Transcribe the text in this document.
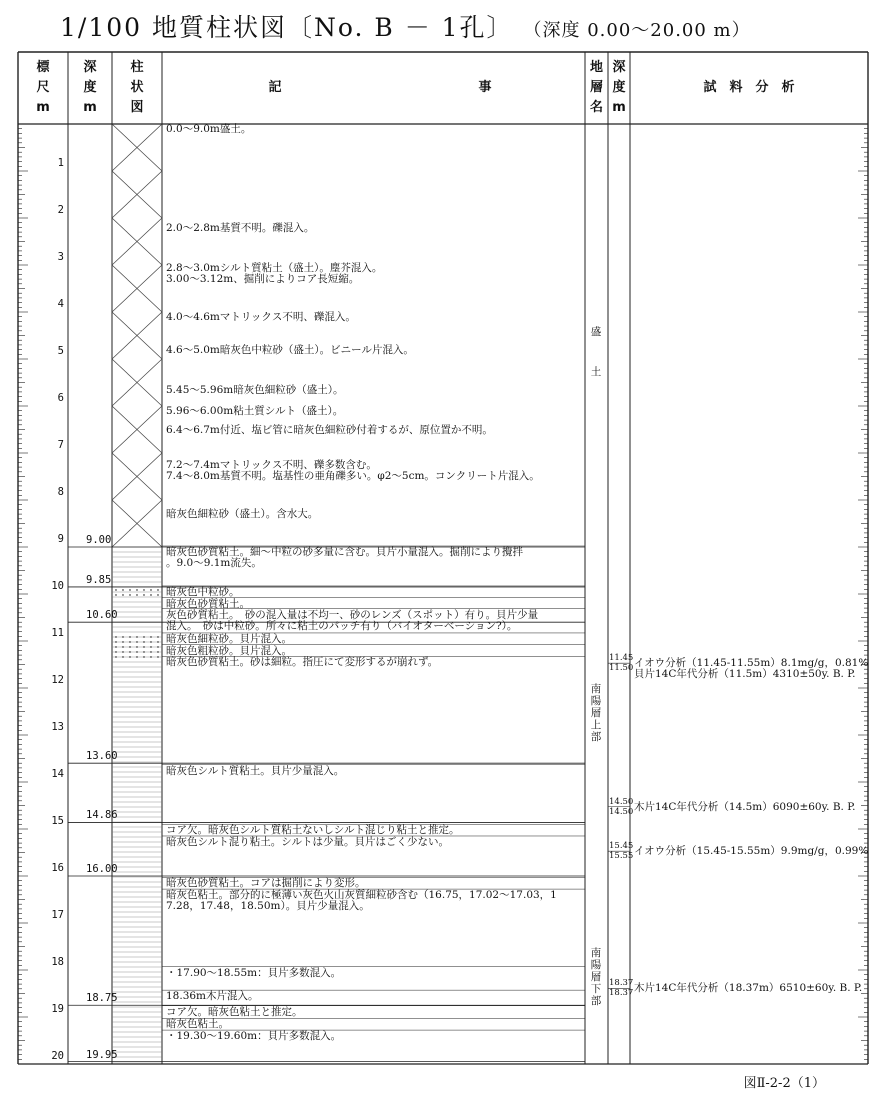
1/100 地質柱状図〔No. B － 1孔〕 （深度 0.00～20.00 m）
標
尺
m
深
度
m
柱
状
図
記	事
地
層
名
深
度
m
試　料　分　析
1
2
3
4
5
6
7
8
9
10
11
12
13
14
15
16
17
18
19
20
9.00
9.85
10.60
13.60
14.86
16.00
18.75
19.95
0.0～9.0m盛土。
2.0～2.8m基質不明。礫混入。
2.8～3.0mシルト質粘土（盛土）。塵芥混入。
3.00～3.12m、掘削によりコア長短縮。
4.0～4.6mマトリックス不明、礫混入。
4.6～5.0m暗灰色中粒砂（盛土）。ビニール片混入。
5.45～5.96m暗灰色細粒砂（盛土）。
5.96～6.00m粘土質シルト（盛土）。
6.4～6.7m付近、塩ビ管に暗灰色細粒砂付着するが、原位置か不明。
7.2～7.4mマトリックス不明、礫多数含む。
7.4～8.0m基質不明。塩基性の亜角礫多い。φ2～5cm。コンクリート片混入。
暗灰色細粒砂（盛土）。含水大。
暗灰色砂質粘土。細～中粒の砂多量に含む。貝片小量混入。掘削により攪拌
。9.0～9.1m流失。
暗灰色中粒砂。
暗灰色砂質粘土。
灰色砂質粘土。　砂の混入量は不均一、砂のレンズ（スポット）有り。貝片少量
混入。　砂は中粒砂。所々に粘土のパッチ有り（バイオターベーション?）。
暗灰色細粒砂。貝片混入。
暗灰色粗粒砂。貝片混入。
暗灰色砂質粘土。砂は細粒。指圧にて変形するが崩れず。
暗灰色シルト質粘土。貝片少量混入。
コア欠。暗灰色シルト質粘土ないしシルト混じり粘土と推定。
暗灰色シルト混り粘土。シルトは少量。貝片はごく少ない。
暗灰色砂質粘土。コアは掘削により変形。
暗灰色粘土。部分的に極薄い灰色火山灰質細粒砂含む（16.75，17.02～17.03，1
7.28，17.48，18.50m）。貝片少量混入。
・17.90～18.55m：貝片多数混入。
18.36m木片混入。
コア欠。暗灰色粘土と推定。
暗灰色粘土。
・19.30～19.60m：貝片多数混入。
盛土
南陽層上部
南陽層下部
11.45
11.50 イオウ分析（11.45-11.55m）8.1mg/g，0.81%
貝片14C年代分析（11.5m）4310±50y. B. P.
14.50
14.50 木片14C年代分析（14.5m）6090±60y. B. P.
15.45
15.55 イオウ分析（15.45-15.55m）9.9mg/g，0.99%
18.37
18.37 木片14C年代分析（18.37m）6510±60y. B. P.
図Ⅱ-2-2（1）
